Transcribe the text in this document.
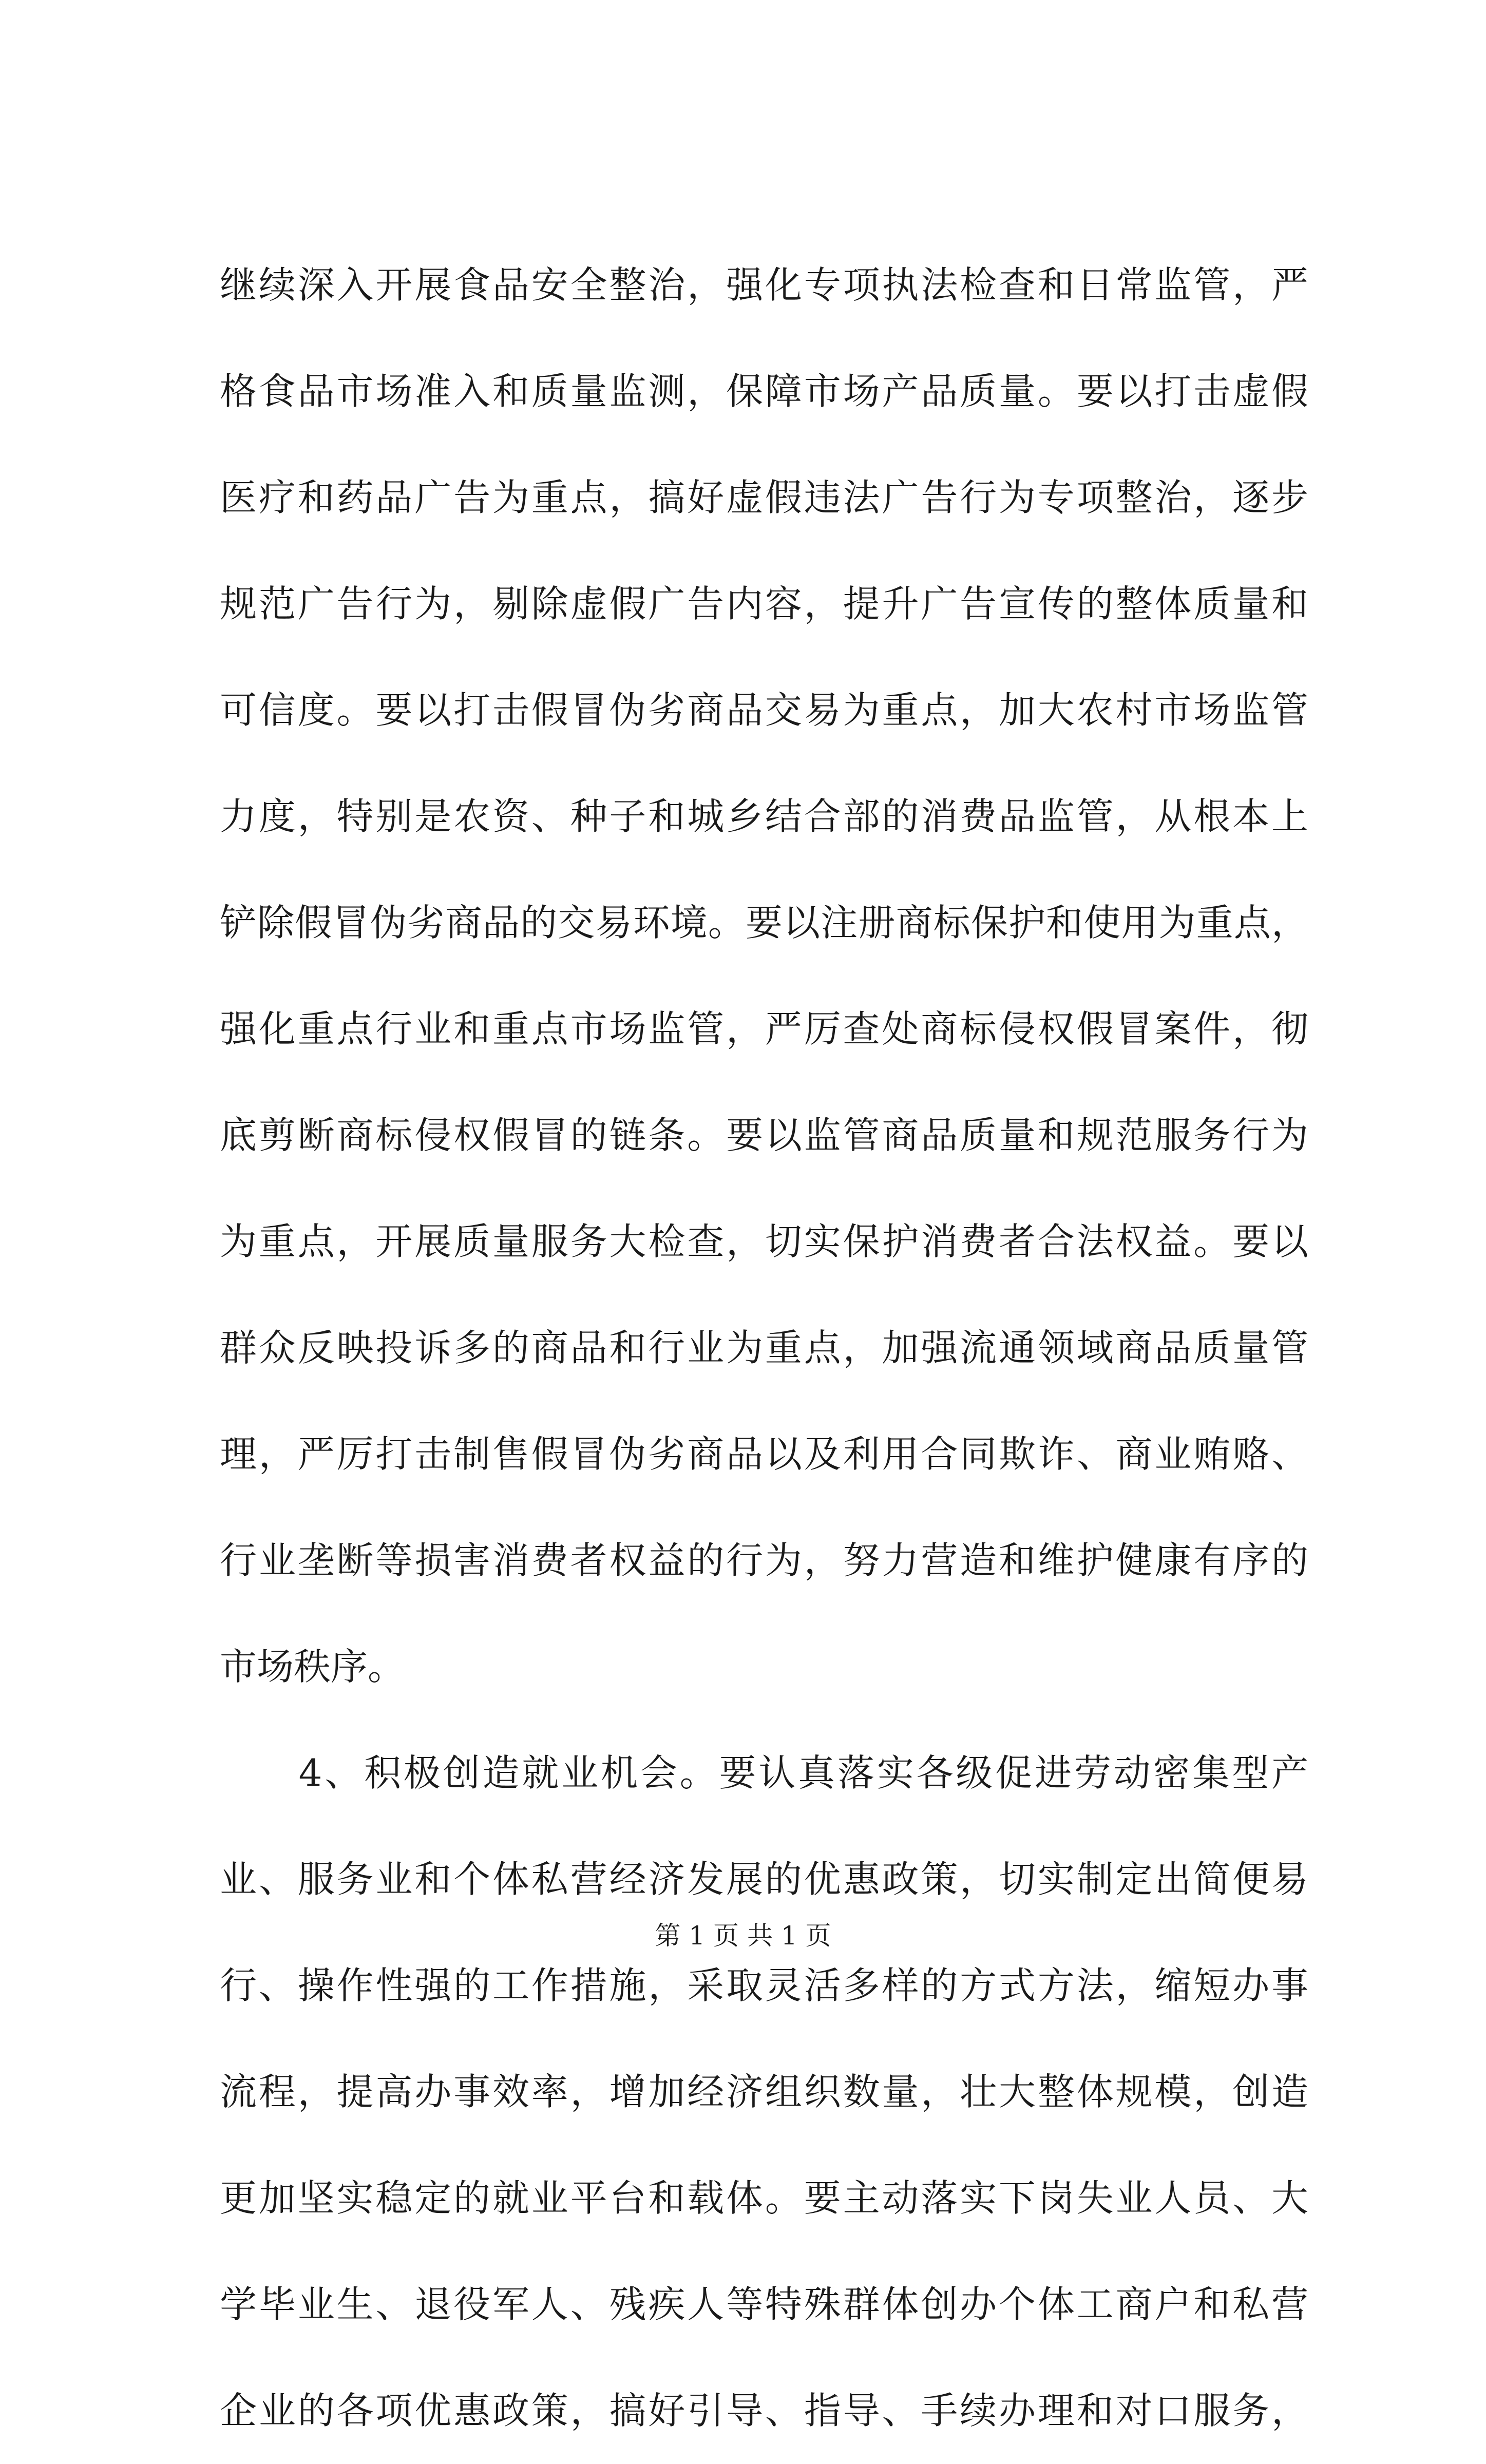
继续深入开展食品安全整治，强化专项执法检查和日常监管，严
格食品市场准入和质量监测，保障市场产品质量。要以打击虚假
医疗和药品广告为重点，搞好虚假违法广告行为专项整治，逐步
规范广告行为，剔除虚假广告内容，提升广告宣传的整体质量和
可信度。要以打击假冒伪劣商品交易为重点，加大农村市场监管
力度，特别是农资、种子和城乡结合部的消费品监管，从根本上
铲除假冒伪劣商品的交易环境。要以注册商标保护和使用为重点，
强化重点行业和重点市场监管，严厉查处商标侵权假冒案件，彻
底剪断商标侵权假冒的链条。要以监管商品质量和规范服务行为
为重点，开展质量服务大检查，切实保护消费者合法权益。要以
群众反映投诉多的商品和行业为重点，加强流通领域商品质量管
理，严厉打击制售假冒伪劣商品以及利用合同欺诈、商业贿赂、
行业垄断等损害消费者权益的行为，努力营造和维护健康有序的
市场秩序。
　　4、积极创造就业机会。要认真落实各级促进劳动密集型产
业、服务业和个体私营经济发展的优惠政策，切实制定出简便易
行、操作性强的工作措施，采取灵活多样的方式方法，缩短办事
流程，提高办事效率，增加经济组织数量，壮大整体规模，创造
更加坚实稳定的就业平台和载体。要主动落实下岗失业人员、大
学毕业生、退役军人、残疾人等特殊群体创办个体工商户和私营
企业的各项优惠政策，搞好引导、指导、手续办理和对口服务，
第 1 页 共 1 页
